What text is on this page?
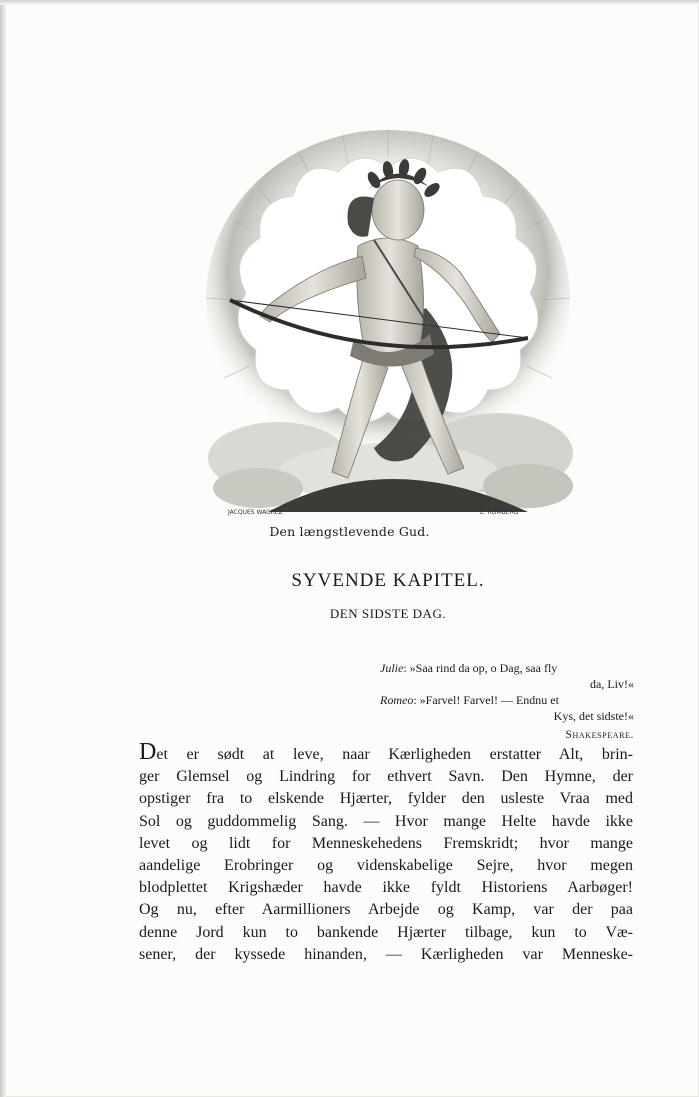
JACQUES WAGREZ	E. ROMBERG
Den længstlevende Gud.
SYVENDE KAPITEL.
DEN SIDSTE DAG.
Julie: »Saa rind da op, o Dag, saa fly
da, Liv!«
Romeo: »Farvel! Farvel! — Endnu et
Kys, det sidste!«
Shakespeare.
Det er sødt at leve, naar Kærligheden erstatter Alt, brin-
ger Glemsel og Lindring for ethvert Savn. Den Hymne, der
opstiger fra to elskende Hjærter, fylder den usleste Vraa med
Sol og guddommelig Sang. — Hvor mange Helte havde ikke
levet og lidt for Menneskehedens Fremskridt; hvor mange
aandelige Erobringer og videnskabelige Sejre, hvor megen
blodplettet Krigshæder havde ikke fyldt Historiens Aarbøger!
Og nu, efter Aarmillioners Arbejde og Kamp, var der paa
denne Jord kun to bankende Hjærter tilbage, kun to Væ-
sener, der kyssede hinanden, — Kærligheden var Menneske-
